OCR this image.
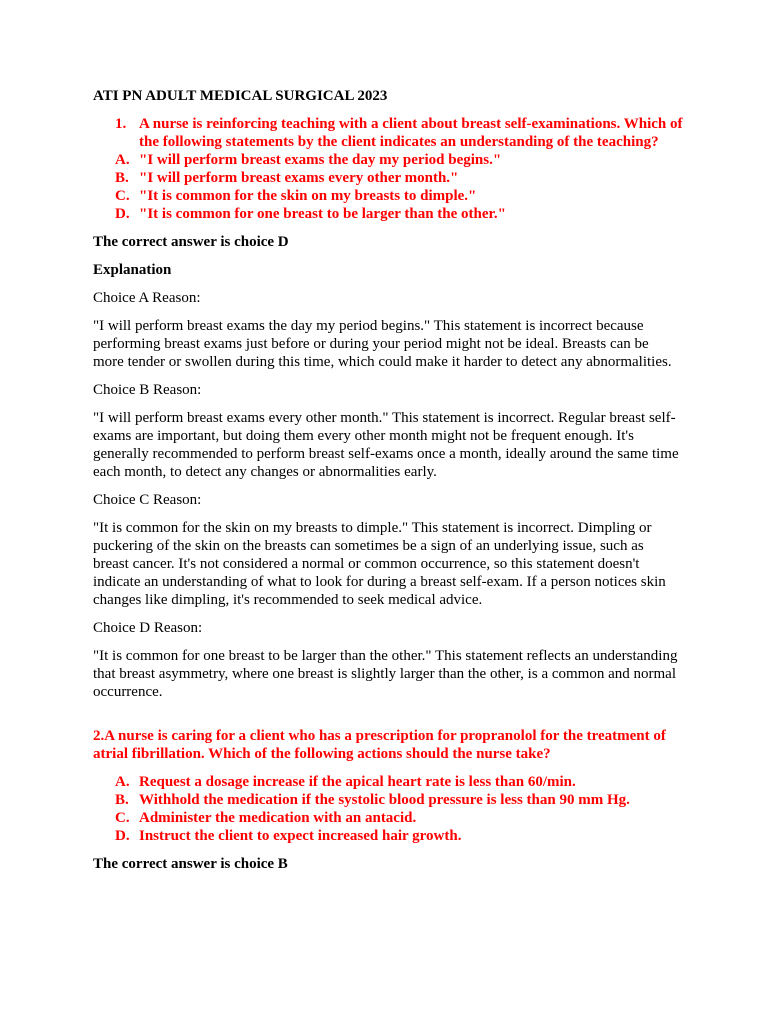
ATI PN ADULT MEDICAL SURGICAL 2023
1. A nurse is reinforcing teaching with a client about breast self-examinations. Which of the following statements by the client indicates an understanding of the teaching?
A. "I will perform breast exams the day my period begins."
B. "I will perform breast exams every other month."
C. "It is common for the skin on my breasts to dimple."
D. "It is common for one breast to be larger than the other."
The correct answer is choice D
Explanation
Choice A Reason:
"I will perform breast exams the day my period begins." This statement is incorrect because performing breast exams just before or during your period might not be ideal. Breasts can be more tender or swollen during this time, which could make it harder to detect any abnormalities.
Choice B Reason:
"I will perform breast exams every other month." This statement is incorrect. Regular breast self-exams are important, but doing them every other month might not be frequent enough. It's generally recommended to perform breast self-exams once a month, ideally around the same time each month, to detect any changes or abnormalities early.
Choice C Reason:
"It is common for the skin on my breasts to dimple." This statement is incorrect. Dimpling or puckering of the skin on the breasts can sometimes be a sign of an underlying issue, such as breast cancer. It's not considered a normal or common occurrence, so this statement doesn't indicate an understanding of what to look for during a breast self-exam. If a person notices skin changes like dimpling, it's recommended to seek medical advice.
Choice D Reason:
"It is common for one breast to be larger than the other." This statement reflects an understanding that breast asymmetry, where one breast is slightly larger than the other, is a common and normal occurrence.
2.A nurse is caring for a client who has a prescription for propranolol for the treatment of atrial fibrillation. Which of the following actions should the nurse take?
A. Request a dosage increase if the apical heart rate is less than 60/min.
B. Withhold the medication if the systolic blood pressure is less than 90 mm Hg.
C. Administer the medication with an antacid.
D. Instruct the client to expect increased hair growth.
The correct answer is choice B
